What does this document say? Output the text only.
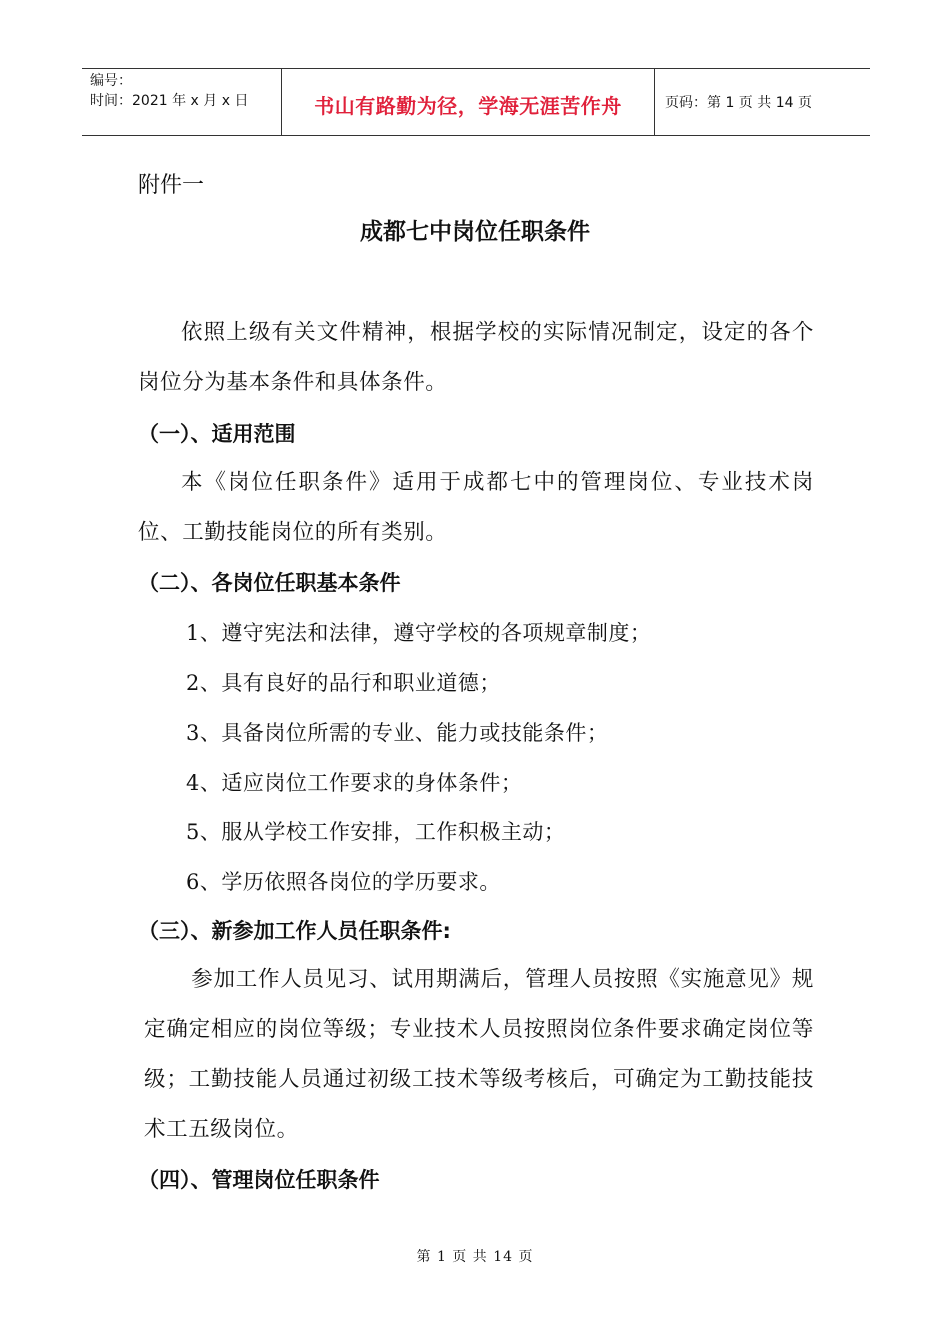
编号：
时间：2021 年 x 月 x 日	书山有路勤为径，学海无涯苦作舟	页码：第 1 页 共 14 页
附件一
成都七中岗位任职条件
依照上级有关文件精神，根据学校的实际情况制定，设定的各个岗位分为基本条件和具体条件。
（一）、适用范围
本《岗位任职条件》适用于成都七中的管理岗位、专业技术岗位、工勤技能岗位的所有类别。
（二）、各岗位任职基本条件
1、遵守宪法和法律，遵守学校的各项规章制度；
2、具有良好的品行和职业道德；
3、具备岗位所需的专业、能力或技能条件；
4、适应岗位工作要求的身体条件；
5、服从学校工作安排，工作积极主动；
6、学历依照各岗位的学历要求。
（三）、新参加工作人员任职条件:
参加工作人员见习、试用期满后，管理人员按照《实施意见》规定确定相应的岗位等级；专业技术人员按照岗位条件要求确定岗位等级；工勤技能人员通过初级工技术等级考核后，可确定为工勤技能技术工五级岗位。
（四）、管理岗位任职条件
第 1 页 共 14 页
